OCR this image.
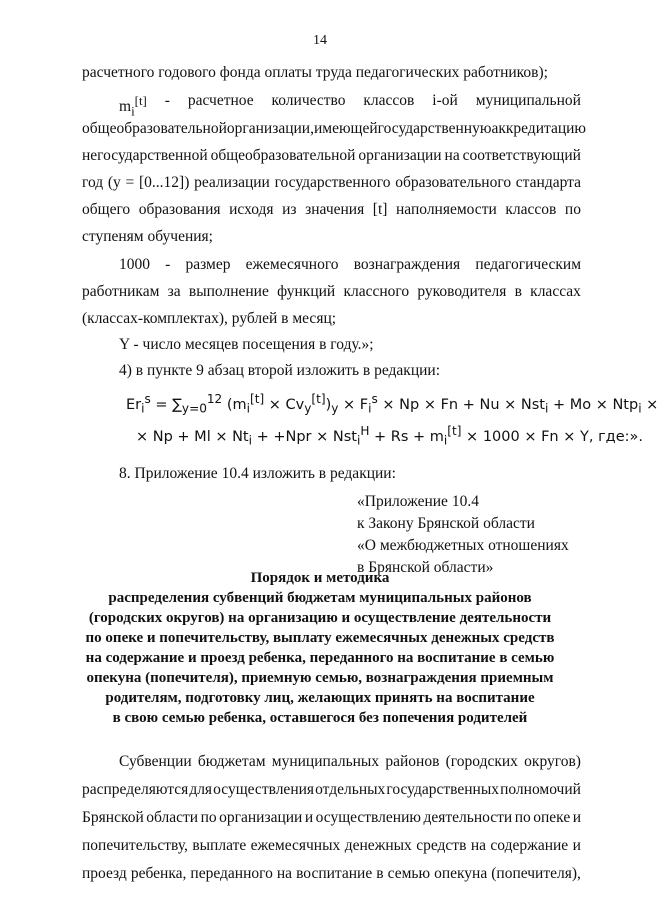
14
расчетного годового фонда оплаты труда педагогических работников);
$m_i[t]$ - расчетное количество классов i-ой муниципальной
общеобразовательной организации, имеющей государственную аккредитацию
негосударственной общеобразовательной организации на соответствующий
год (y = [0...12]) реализации государственного образовательного стандарта
общего образования исходя из значения [t] наполняемости классов по
ступеням обучения;
1000 - размер ежемесячного вознаграждения педагогическим
работникам за выполнение функций классного руководителя в классах
(классах-комплектах), рублей в месяц;
Y - число месяцев посещения в году.»;
4) в пункте 9 абзац второй изложить в редакции:
$Er_i^s = \sum_{y=0}^{12}$ $(m_i[t] \times Cv_y[t])_y \times F_i^s \times Np \times Fn + Nu \times Nst_i + Mo \times Ntp_i$ ×
× $Np + Ml \times Nt_i + +Npr \times Nst_i^H + Rs + m_i[t] \times 1000 \times Fn \times Y$, где:».
8. Приложение 10.4 изложить в редакции:
«Приложение 10.4
к Закону Брянской области
«О межбюджетных отношениях
в Брянской области»
Порядок и методика
распределения субвенций бюджетам муниципальных районов
(городских округов) на организацию и осуществление деятельности
по опеке и попечительству, выплату ежемесячных денежных средств
на содержание и проезд ребенка, переданного на воспитание в семью
опекуна (попечителя), приемную семью, вознаграждения приемным
родителям, подготовку лиц, желающих принять на воспитание
в свою семью ребенка, оставшегося без попечения родителей
Субвенции бюджетам муниципальных районов (городских округов)
распределяются для осуществления отдельных государственных полномочий
Брянской области по организации и осуществлению деятельности по опеке и
попечительству, выплате ежемесячных денежных средств на содержание и
проезд ребенка, переданного на воспитание в семью опекуна (попечителя),
